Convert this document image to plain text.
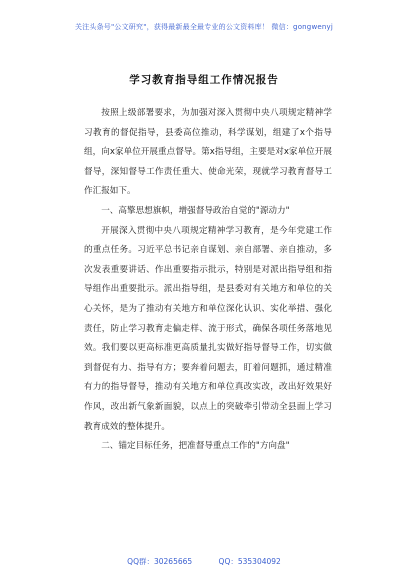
关注头条号"公文研究"，获得最新最全最专业的公文资料库！ 微信：gongwenyj
学习教育指导组工作情况报告

按照上级部署要求，为加强对深入贯彻中央八项规定精神学习教育的督促指导，县委高位推动，科学谋划，组建了x个指导组，向x家单位开展重点督导。第x指导组，主要是对x家单位开展督导，深知督导工作责任重大、使命光荣，现就学习教育督导工作汇报如下。

一、高擎思想旗帜，增强督导政治自觉的"源动力"

开展深入贯彻中央八项规定精神学习教育，是今年党建工作的重点任务。习近平总书记亲自谋划、亲自部署、亲自推动，多次发表重要讲话、作出重要指示批示，特别是对派出指导组和指导组作出重要批示。派出指导组，是县委对有关地方和单位的关心关怀，是为了推动有关地方和单位深化认识、实化举措、强化责任，防止学习教育走偏走样、流于形式，确保各项任务落地见效。我们要以更高标准更高质量扎实做好指导督导工作，切实做到督促有力、指导有方；要奔着问题去，盯着问题抓，通过精准有力的指导督导，推动有关地方和单位真改实改，改出好效果好作风，改出新气象新面貌，以点上的突破牵引带动全县面上学习教育成效的整体提升。

二、锚定目标任务，把准督导重点工作的"方向盘"

QQ群：30265665	QQ：535304092
